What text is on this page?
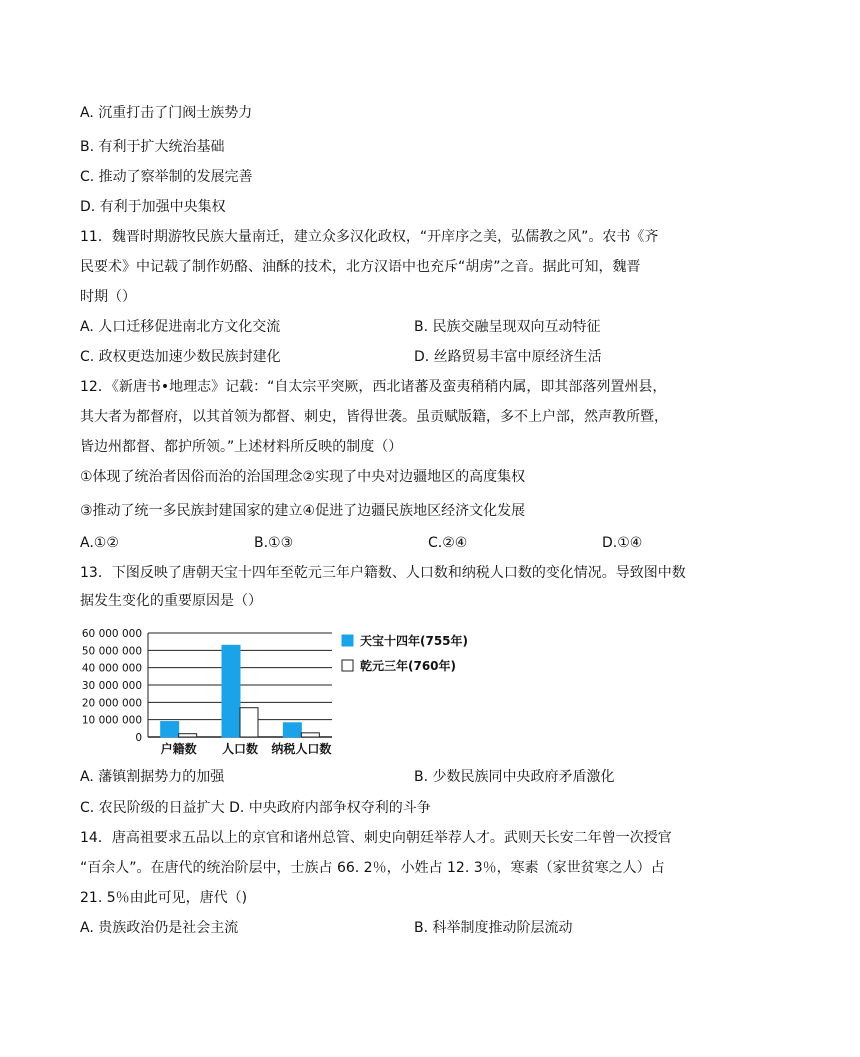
A. 沉重打击了门阀士族势力
B. 有利于扩大统治基础
C. 推动了察举制的发展完善
D. 有利于加强中央集权
11．魏晋时期游牧民族大量南迁，建立众多汉化政权，“开庠序之美，弘儒教之风”。农书《齐
民要术》中记载了制作奶酪、油酥的技术，北方汉语中也充斥“胡虏”之音。据此可知，魏晋
时期（）
A. 人口迁移促进南北方文化交流	B. 民族交融呈现双向互动特征
C. 政权更迭加速少数民族封建化	D. 丝路贸易丰富中原经济生活
12．《新唐书•地理志》记载：“自太宗平突厥，西北诸蕃及蛮夷稍稍内属，即其部落列置州县，
其大者为都督府，以其首领为都督、刺史，皆得世袭。虽贡赋版籍，多不上户部，然声教所暨，
皆边州都督、都护所领。”上述材料所反映的制度（）
①体现了统治者因俗而治的治国理念②实现了中央对边疆地区的高度集权
③推动了统一多民族封建国家的建立④促进了边疆民族地区经济文化发展
A.①②	B.①③	C.②④	D.①④
13．下图反映了唐朝天宝十四年至乾元三年户籍数、人口数和纳税人口数的变化情况。导致图中数
据发生变化的重要原因是（）
60 000 000
50 000 000
40 000 000
30 000 000
20 000 000
10 000 000
0
户籍数 人口数 纳税人口数
天宝十四年(755年)
乾元三年(760年)
A. 藩镇割据势力的加强	B. 少数民族同中央政府矛盾激化
C. 农民阶级的日益扩大 D. 中央政府内部争权夺利的斗争
14．唐高祖要求五品以上的京官和诸州总管、刺史向朝廷举荐人才。武则天长安二年曾一次授官
“百余人”。在唐代的统治阶层中，士族占 66. 2％，小姓占 12. 3％，寒素（家世贫寒之人）占
21. 5％由此可见，唐代（)
A. 贵族政治仍是社会主流	B. 科举制度推动阶层流动
